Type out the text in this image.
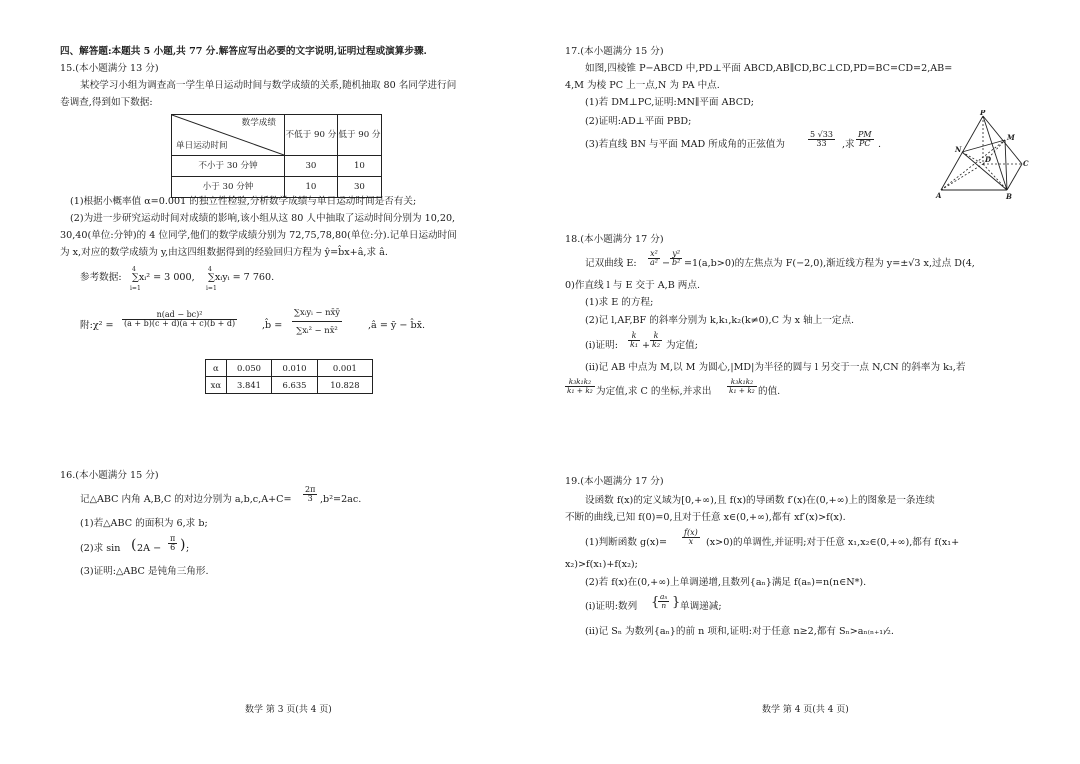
四、解答题:本题共 5 小题,共 77 分.解答应写出必要的文字说明,证明过程或演算步骤.
15.(本小题满分 13 分)
某校学习小组为调查高一学生单日运动时间与数学成绩的关系,随机抽取 80 名同学进行问
卷调查,得到如下数据:
数学成绩
单日运动时间	不低于 90 分	低于 90 分
不小于 30 分钟	30	10
小于 30 分钟	10	30
(1)根据小概率值 α=0.001 的独立性检验,分析数学成绩与单日运动时间是否有关;
(2)为进一步研究运动时间对成绩的影响,该小组从这 80 人中抽取了运动时间分别为 10,20,
30,40(单位:分钟)的 4 位同学,他们的数学成绩分别为 72,75,78,80(单位:分).记单日运动时间
为 x,对应的数学成绩为 y,由这四组数据得到的经验回归方程为 ŷ=b̂x+â,求 â.
参考数据:
4
i=1
∑xᵢ² = 3 000,
4
i=1
∑xᵢyᵢ = 7 760.
附:χ² = $\frac{\text{n(ad − bc)²}}{(a + b)(c + d)(a + c)(b + d)}$	,b̂ = $\frac{\text{∑xᵢyᵢ − nx̄ȳ}}{\text{∑xᵢ² − nx̄²}}$	,â = ȳ − b̂x̄.
α	0.050	0.010	0.001
xα	3.841	6.635	10.828
16.(本小题满分 15 分)
记△ABC 内角 A,B,C 的对边分别为 $a,b,c,A+C= \frac{2\pi}{3} ,b^2=2ac$.
(1)若△ABC 的面积为 6,求 b;
(2)求 sin ( $2A - \frac{\pi}{6}$ ) ;
(3)证明:△ABC 是钝角三角形.
数学 第 3 页(共 4 页)
17.(本小题满分 15 分)
如图,四棱锥 P−ABCD 中,PD⊥平面 ABCD,AB∥CD,BC⊥CD,PD=BC=CD=2,AB=
4,M 为棱 PC 上一点,N 为 PA 中点.
(1)若 DM⊥PC,证明:MN∥平面 ABCD;
(2)证明:AD⊥平面 PBD;
(3)若直线 BN 与平面 MAD 所成角的正弦值为	$\frac{5 √33}{33}$ ,求 $\frac{PM}{PC}$ .
P
M
N
D	C
A	B
18.(本小题满分 17 分)
记双曲线 E: $\frac{\text{x²}}{\text{a²}} - \frac{\text{y²}}{\text{b²}} =1(a,b>0)$的左焦点为 F(−2,0),渐近线方程为 y=±√3 x,过点 D(4,
0)作直线 l 与 E 交于 A,B 两点.
(1)求 E 的方程;
(2)记 l,AF,BF 的斜率分别为 k,k₁,k₂(k≠0),C 为 x 轴上一定点.
(ⅰ)证明: $\frac{k}{\text{k₁}} + \frac{k}{\text{k₂}}$ 为定值;
(ⅱ)记 AB 中点为 M,以 M 为圆心,|MD|为半径的圆与 l 另交于一点 N,CN 的斜率为 k₃,若
$\frac{\text{k₃k₁k₂}}{\text{k₁ + k₂}}$ 为定值,求 C 的坐标,并求出 $\frac{\text{k₃k₁k₂}}{\text{k₁ + k₂}}$ 的值.
19.(本小题满分 17 分)
设函数 f(x)的定义域为[0,+∞),且 f(x)的导函数 f′(x)在(0,+∞)上的图象是一条连续
不断的曲线,已知 f(0)=0,且对于任意 x∈(0,+∞),都有 xf′(x)>f(x).
(1)判断函数 $g(x)= \frac{f(x)}{x} (x>0)$的单调性,并证明;对于任意 x₁,x₂∈(0,+∞),都有 f(x₁+
x₂)>f(x₁)+f(x₂);
(2)若 f(x)在(0,+∞)上单调递增,且数列{aₙ}满足 f(aₙ)=n(n∈N*).
(ⅰ)证明:数列 {
$\frac{\text{aₙ}}{n}$ } 单调递减;
(ⅱ)记 Sₙ 为数列{aₙ}的前 n 项和,证明:对于任意 n≥2,都有 Sₙ>aₙ₍ₙ₊₁₎⁄₂.
数学 第 4 页(共 4 页)
